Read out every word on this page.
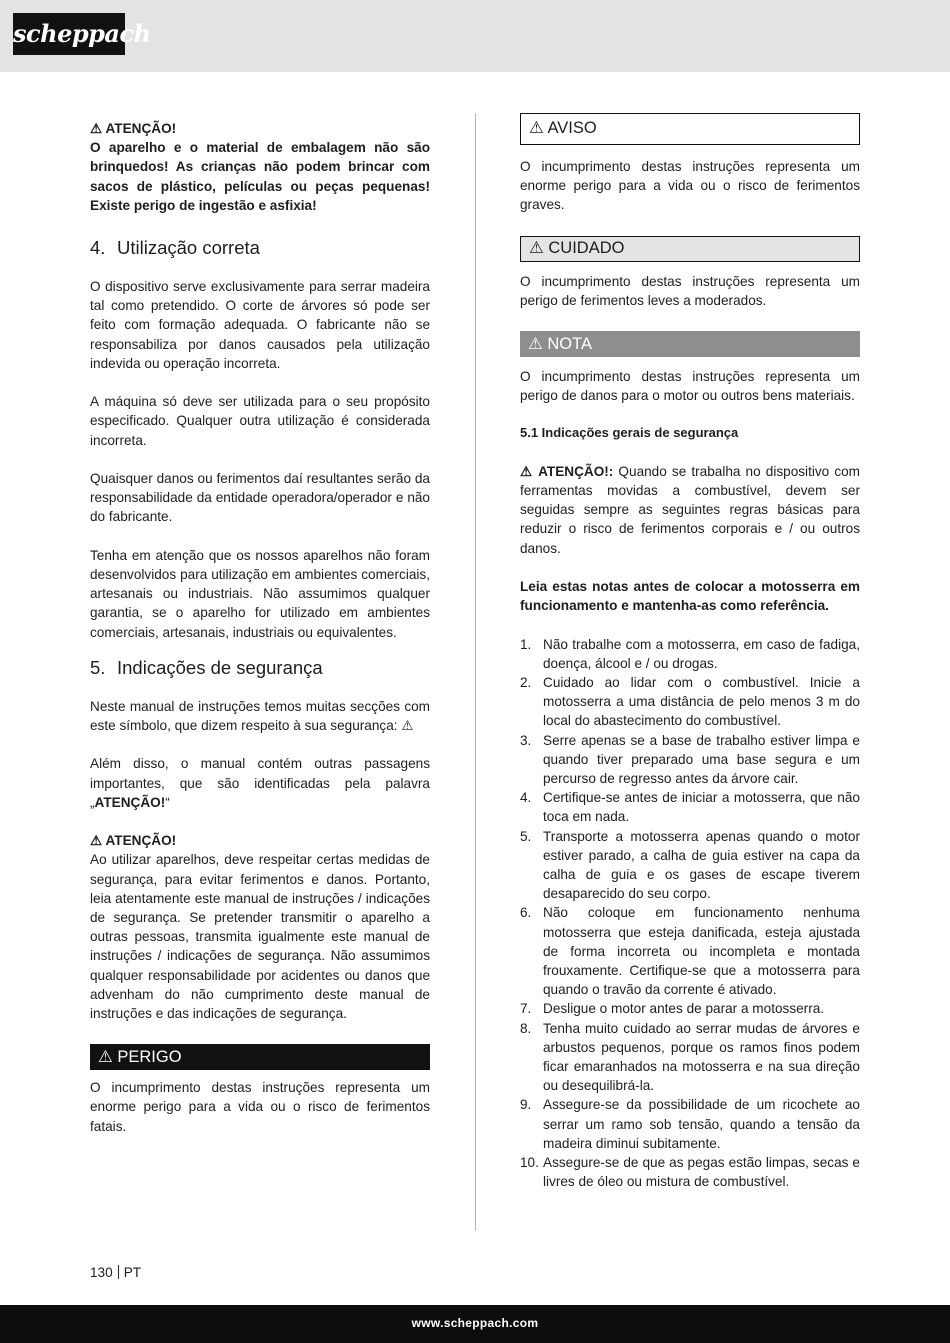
scheppach

⚠ ATENÇÃO!

O aparelho e o material de embalagem não são brinquedos! As crianças não podem brincar com sacos de plástico, películas ou peças pequenas! Existe perigo de ingestão e asfixia!

4. Utilização correta

O dispositivo serve exclusivamente para serrar madeira tal como pretendido. O corte de árvores só pode ser feito com formação adequada. O fabricante não se responsabiliza por danos causados pela utilização indevida ou operação incorreta.

A máquina só deve ser utilizada para o seu propósito especificado. Qualquer outra utilização é considerada incorreta.

Quaisquer danos ou ferimentos daí resultantes serão da responsabilidade da entidade operadora/operador e não do fabricante.

Tenha em atenção que os nossos aparelhos não foram desenvolvidos para utilização em ambientes comerciais, artesanais ou industriais. Não assumimos qualquer garantia, se o aparelho for utilizado em ambientes comerciais, artesanais, industriais ou equivalentes.

5. Indicações de segurança

Neste manual de instruções temos muitas secções com este símbolo, que dizem respeito à sua segurança: ⚠

Além disso, o manual contém outras passagens importantes, que são identificadas pela palavra „ATENÇÃO!“

⚠ ATENÇÃO!

Ao utilizar aparelhos, deve respeitar certas medidas de segurança, para evitar ferimentos e danos. Portanto, leia atentamente este manual de instruções / indicações de segurança. Se pretender transmitir o aparelho a outras pessoas, transmita igualmente este manual de instruções / indicações de segurança. Não assumimos qualquer responsabilidade por acidentes ou danos que advenham do não cumprimento deste manual de instruções e das indicações de segurança.

⚠ PERIGO

O incumprimento destas instruções representa um enorme perigo para a vida ou o risco de ferimentos fatais.

⚠ AVISO

O incumprimento destas instruções representa um enorme perigo para a vida ou o risco de ferimentos graves.

⚠ CUIDADO

O incumprimento destas instruções representa um perigo de ferimentos leves a moderados.

⚠ NOTA

O incumprimento destas instruções representa um perigo de danos para o motor ou outros bens materiais.

5.1 Indicações gerais de segurança

⚠ ATENÇÃO!: Quando se trabalha no dispositivo com ferramentas movidas a combustível, devem ser seguidas sempre as seguintes regras básicas para reduzir o risco de ferimentos corporais e / ou outros danos.

Leia estas notas antes de colocar a motosserra em funcionamento e mantenha-as como referência.

1. Não trabalhe com a motosserra, em caso de fadiga, doença, álcool e / ou drogas.
2. Cuidado ao lidar com o combustível. Inicie a motosserra a uma distância de pelo menos 3 m do local do abastecimento do combustível.
3. Serre apenas se a base de trabalho estiver limpa e quando tiver preparado uma base segura e um percurso de regresso antes da árvore cair.
4. Certifique-se antes de iniciar a motosserra, que não toca em nada.
5. Transporte a motosserra apenas quando o motor estiver parado, a calha de guia estiver na capa da calha de guia e os gases de escape tiverem desaparecido do seu corpo.
6. Não coloque em funcionamento nenhuma motosserra que esteja danificada, esteja ajustada de forma incorreta ou incompleta e montada frouxamente. Certifique-se que a motosserra para quando o travão da corrente é ativado.
7. Desligue o motor antes de parar a motosserra.
8. Tenha muito cuidado ao serrar mudas de árvores e arbustos pequenos, porque os ramos finos podem ficar emaranhados na motosserra e na sua direção ou desequilibrá-la.
9. Assegure-se da possibilidade de um ricochete ao serrar um ramo sob tensão, quando a tensão da madeira diminui subitamente.
10. Assegure-se de que as pegas estão limpas, secas e livres de óleo ou mistura de combustível.
130 PT
www.scheppach.com
